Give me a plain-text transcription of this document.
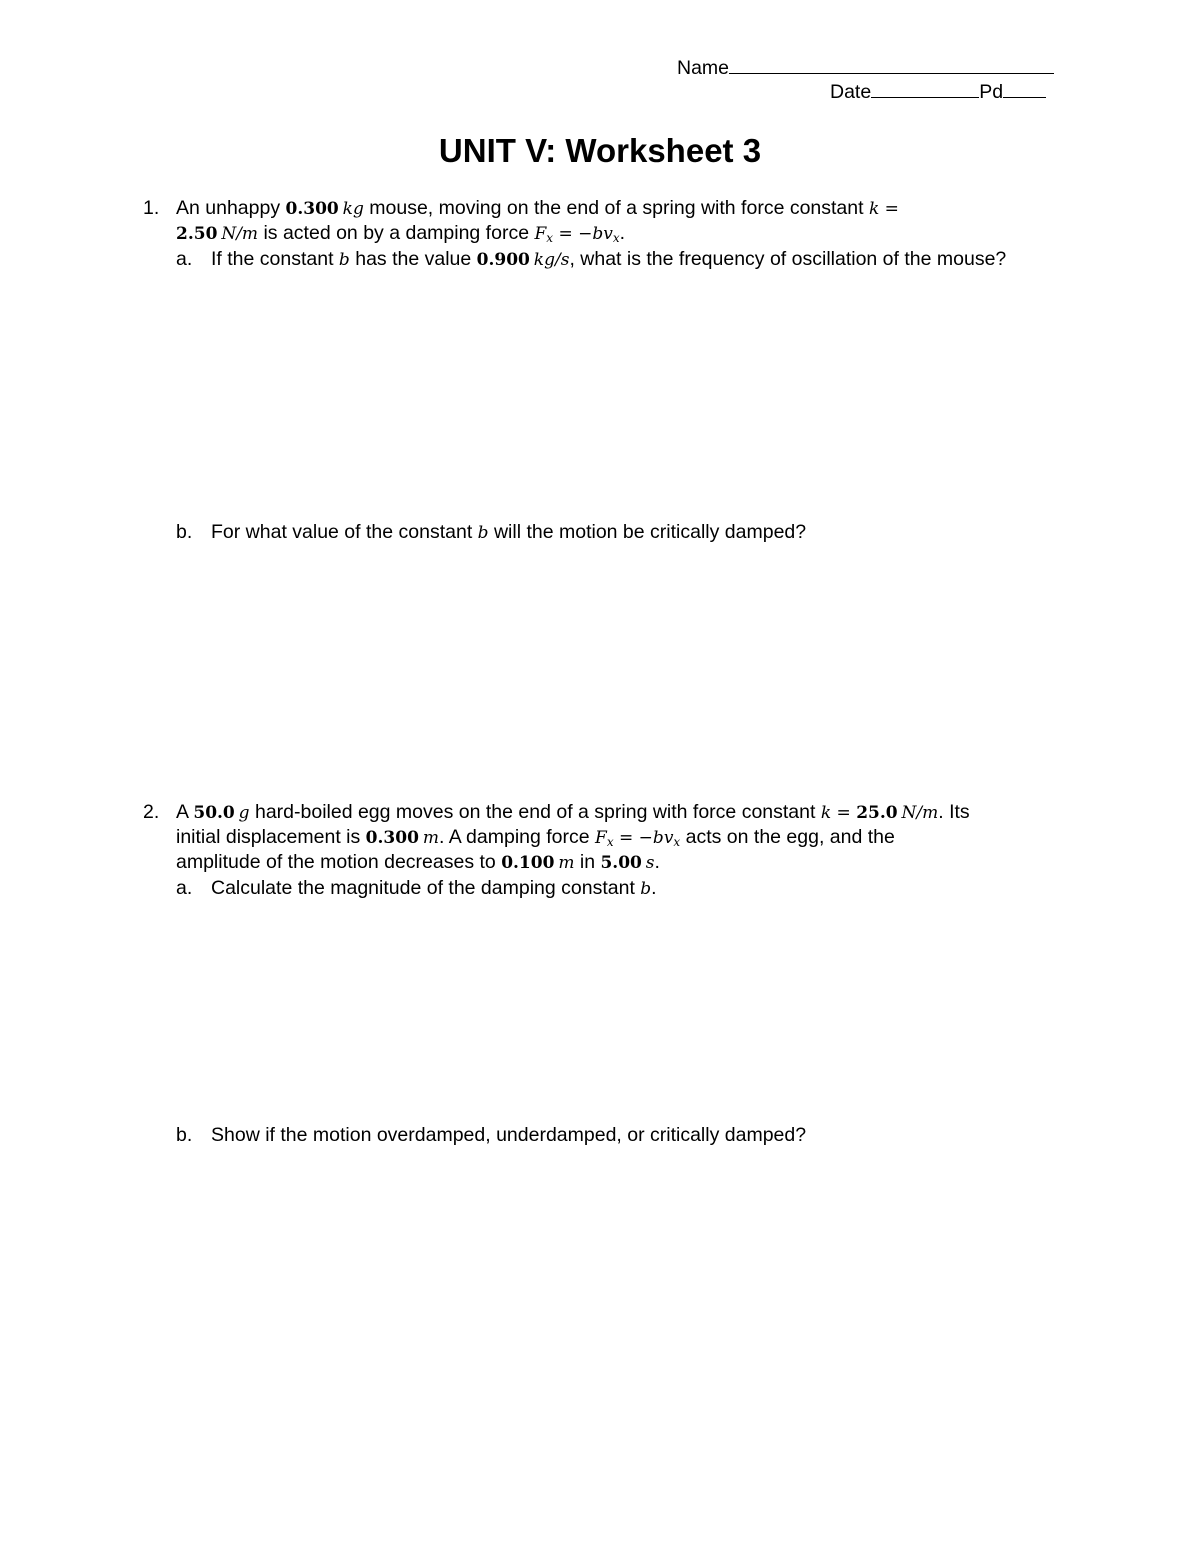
Name
Date	Pd
UNIT V: Worksheet 3
1. An unhappy 0.300  kg mouse, moving on the end of a spring with force constant k =
2.50  N/m is acted on by a damping force $F_x = -bv_x$.
a. If the constant b has the value 0.900  kg/s, what is the frequency of oscillation of the mouse?
b. For what value of the constant b will the motion be critically damped?
2. A 50.0  g hard-boiled egg moves on the end of a spring with force constant k = 25.0  N/m. Its
initial displacement is 0.300  m. A damping force $F_x = -bv_x$ acts on the egg, and the
amplitude of the motion decreases to 0.100  m in 5.00  s.
a. Calculate the magnitude of the damping constant b.
b. Show if the motion overdamped, underdamped, or critically damped?
